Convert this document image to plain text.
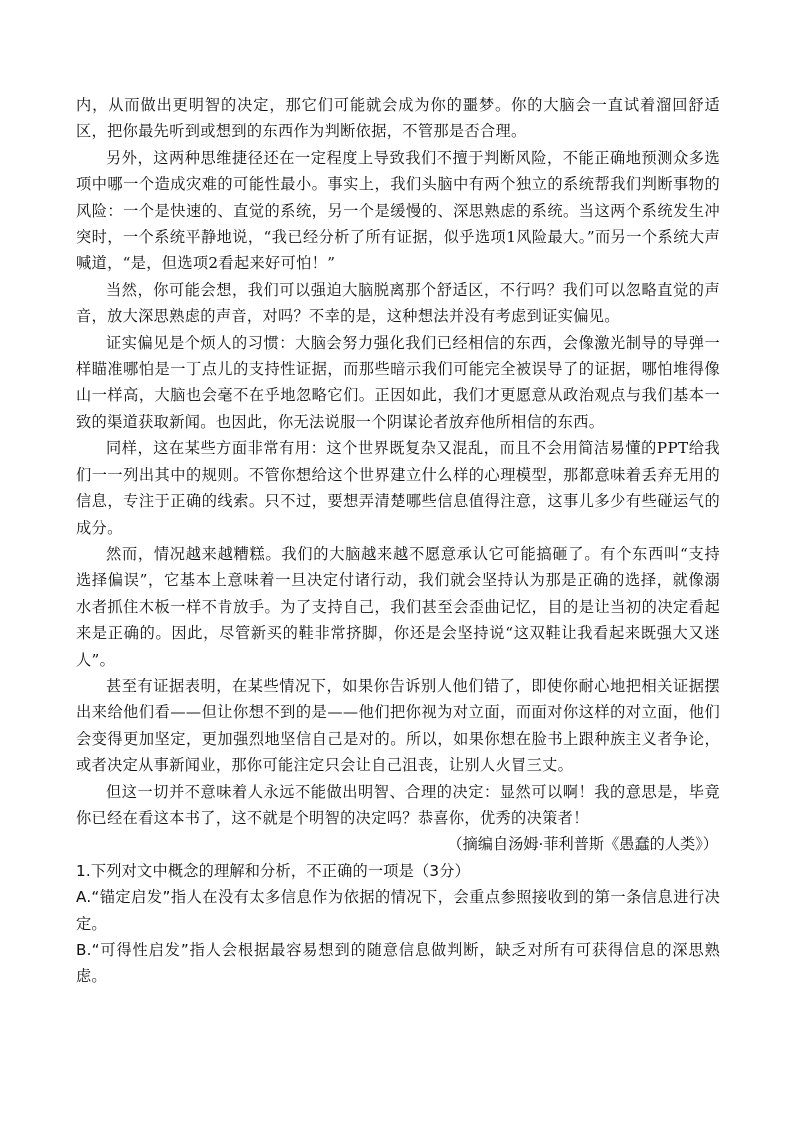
内，从而做出更明智的决定，那它们可能就会成为你的噩梦。你的大脑会一直试着溜回舒适区，把你最先听到或想到的东西作为判断依据，不管那是否合理。

另外，这两种思维捷径还在一定程度上导致我们不擅于判断风险，不能正确地预测众多选项中哪一个造成灾难的可能性最小。事实上，我们头脑中有两个独立的系统帮我们判断事物的风险：一个是快速的、直觉的系统，另一个是缓慢的、深思熟虑的系统。当这两个系统发生冲突时，一个系统平静地说，“我已经分析了所有证据，似乎选项1风险最大。”而另一个系统大声喊道，“是，但选项2看起来好可怕！”

当然，你可能会想，我们可以强迫大脑脱离那个舒适区，不行吗？我们可以忽略直觉的声音，放大深思熟虑的声音，对吗？不幸的是，这种想法并没有考虑到证实偏见。

证实偏见是个烦人的习惯：大脑会努力强化我们已经相信的东西，会像激光制导的导弹一样瞄准哪怕是一丁点儿的支持性证据，而那些暗示我们可能完全被误导了的证据，哪怕堆得像山一样高，大脑也会毫不在乎地忽略它们。正因如此，我们才更愿意从政治观点与我们基本一致的渠道获取新闻。也因此，你无法说服一个阴谋论者放弃他所相信的东西。

同样，这在某些方面非常有用：这个世界既复杂又混乱，而且不会用简洁易懂的PPT给我们一一列出其中的规则。不管你想给这个世界建立什么样的心理模型，那都意味着丢弃无用的信息，专注于正确的线索。只不过，要想弄清楚哪些信息值得注意，这事儿多少有些碰运气的成分。

然而，情况越来越糟糕。我们的大脑越来越不愿意承认它可能搞砸了。有个东西叫“支持选择偏误”，它基本上意味着一旦决定付诸行动，我们就会坚持认为那是正确的选择，就像溺水者抓住木板一样不肯放手。为了支持自己，我们甚至会歪曲记忆，目的是让当初的决定看起来是正确的。因此，尽管新买的鞋非常挤脚，你还是会坚持说“这双鞋让我看起来既强大又迷人”。

甚至有证据表明，在某些情况下，如果你告诉别人他们错了，即使你耐心地把相关证据摆出来给他们看——但让你想不到的是——他们把你视为对立面，而面对你这样的对立面，他们会变得更加坚定，更加强烈地坚信自己是对的。所以，如果你想在脸书上跟种族主义者争论，或者决定从事新闻业，那你可能注定只会让自己沮丧，让别人火冒三丈。

但这一切并不意味着人永远不能做出明智、合理的决定：显然可以啊！我的意思是，毕竟你已经在看这本书了，这不就是个明智的决定吗？恭喜你，优秀的决策者！

（摘编自汤姆·菲利普斯《愚蠢的人类》）

1.下列对文中概念的理解和分析，不正确的一项是（3分）

A.“锚定启发”指人在没有太多信息作为依据的情况下，会重点参照接收到的第一条信息进行决定。

B.“可得性启发”指人会根据最容易想到的随意信息做判断，缺乏对所有可获得信息的深思熟虑。
